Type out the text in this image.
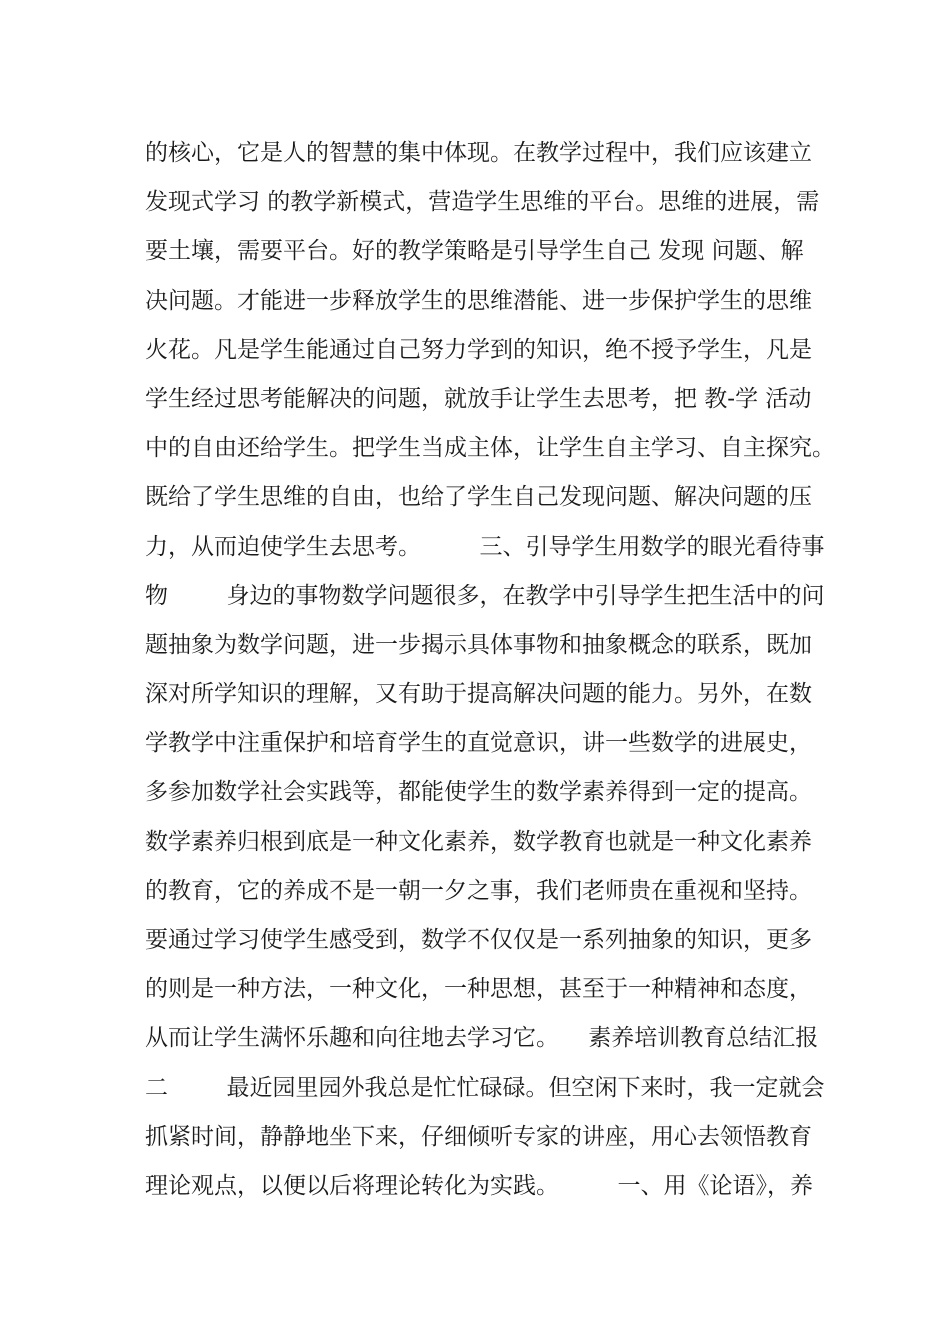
的核心，它是人的智慧的集中体现。在教学过程中，我们应该建立
发现式学习 的教学新模式，营造学生思维的平台。思维的进展，需
要土壤，需要平台。好的教学策略是引导学生自己 发现 问题、解
决问题。才能进一步释放学生的思维潜能、进一步保护学生的思维
火花。凡是学生能通过自己努力学到的知识，绝不授予学生，凡是
学生经过思考能解决的问题，就放手让学生去思考，把 教-学 活动
中的自由还给学生。把学生当成主体，让学生自主学习、自主探究。
既给了学生思维的自由，也给了学生自己发现问题、解决问题的压
力，从而迫使学生去思考。        三、引导学生用数学的眼光看待事
物        身边的事物数学问题很多，在教学中引导学生把生活中的问
题抽象为数学问题，进一步揭示具体事物和抽象概念的联系，既加
深对所学知识的理解，又有助于提高解决问题的能力。另外，在数
学教学中注重保护和培育学生的直觉意识，讲一些数学的进展史，
多参加数学社会实践等，都能使学生的数学素养得到一定的提高。
数学素养归根到底是一种文化素养，数学教育也就是一种文化素养
的教育，它的养成不是一朝一夕之事，我们老师贵在重视和坚持。
要通过学习使学生感受到，数学不仅仅是一系列抽象的知识，更多
的则是一种方法，一种文化，一种思想，甚至于一种精神和态度，
从而让学生满怀乐趣和向往地去学习它。    素养培训教育总结汇报
二        最近园里园外我总是忙忙碌碌。但空闲下来时，我一定就会
抓紧时间，静静地坐下来，仔细倾听专家的讲座，用心去领悟教育
理论观点，以便以后将理论转化为实践。        一、用《论语》，养
